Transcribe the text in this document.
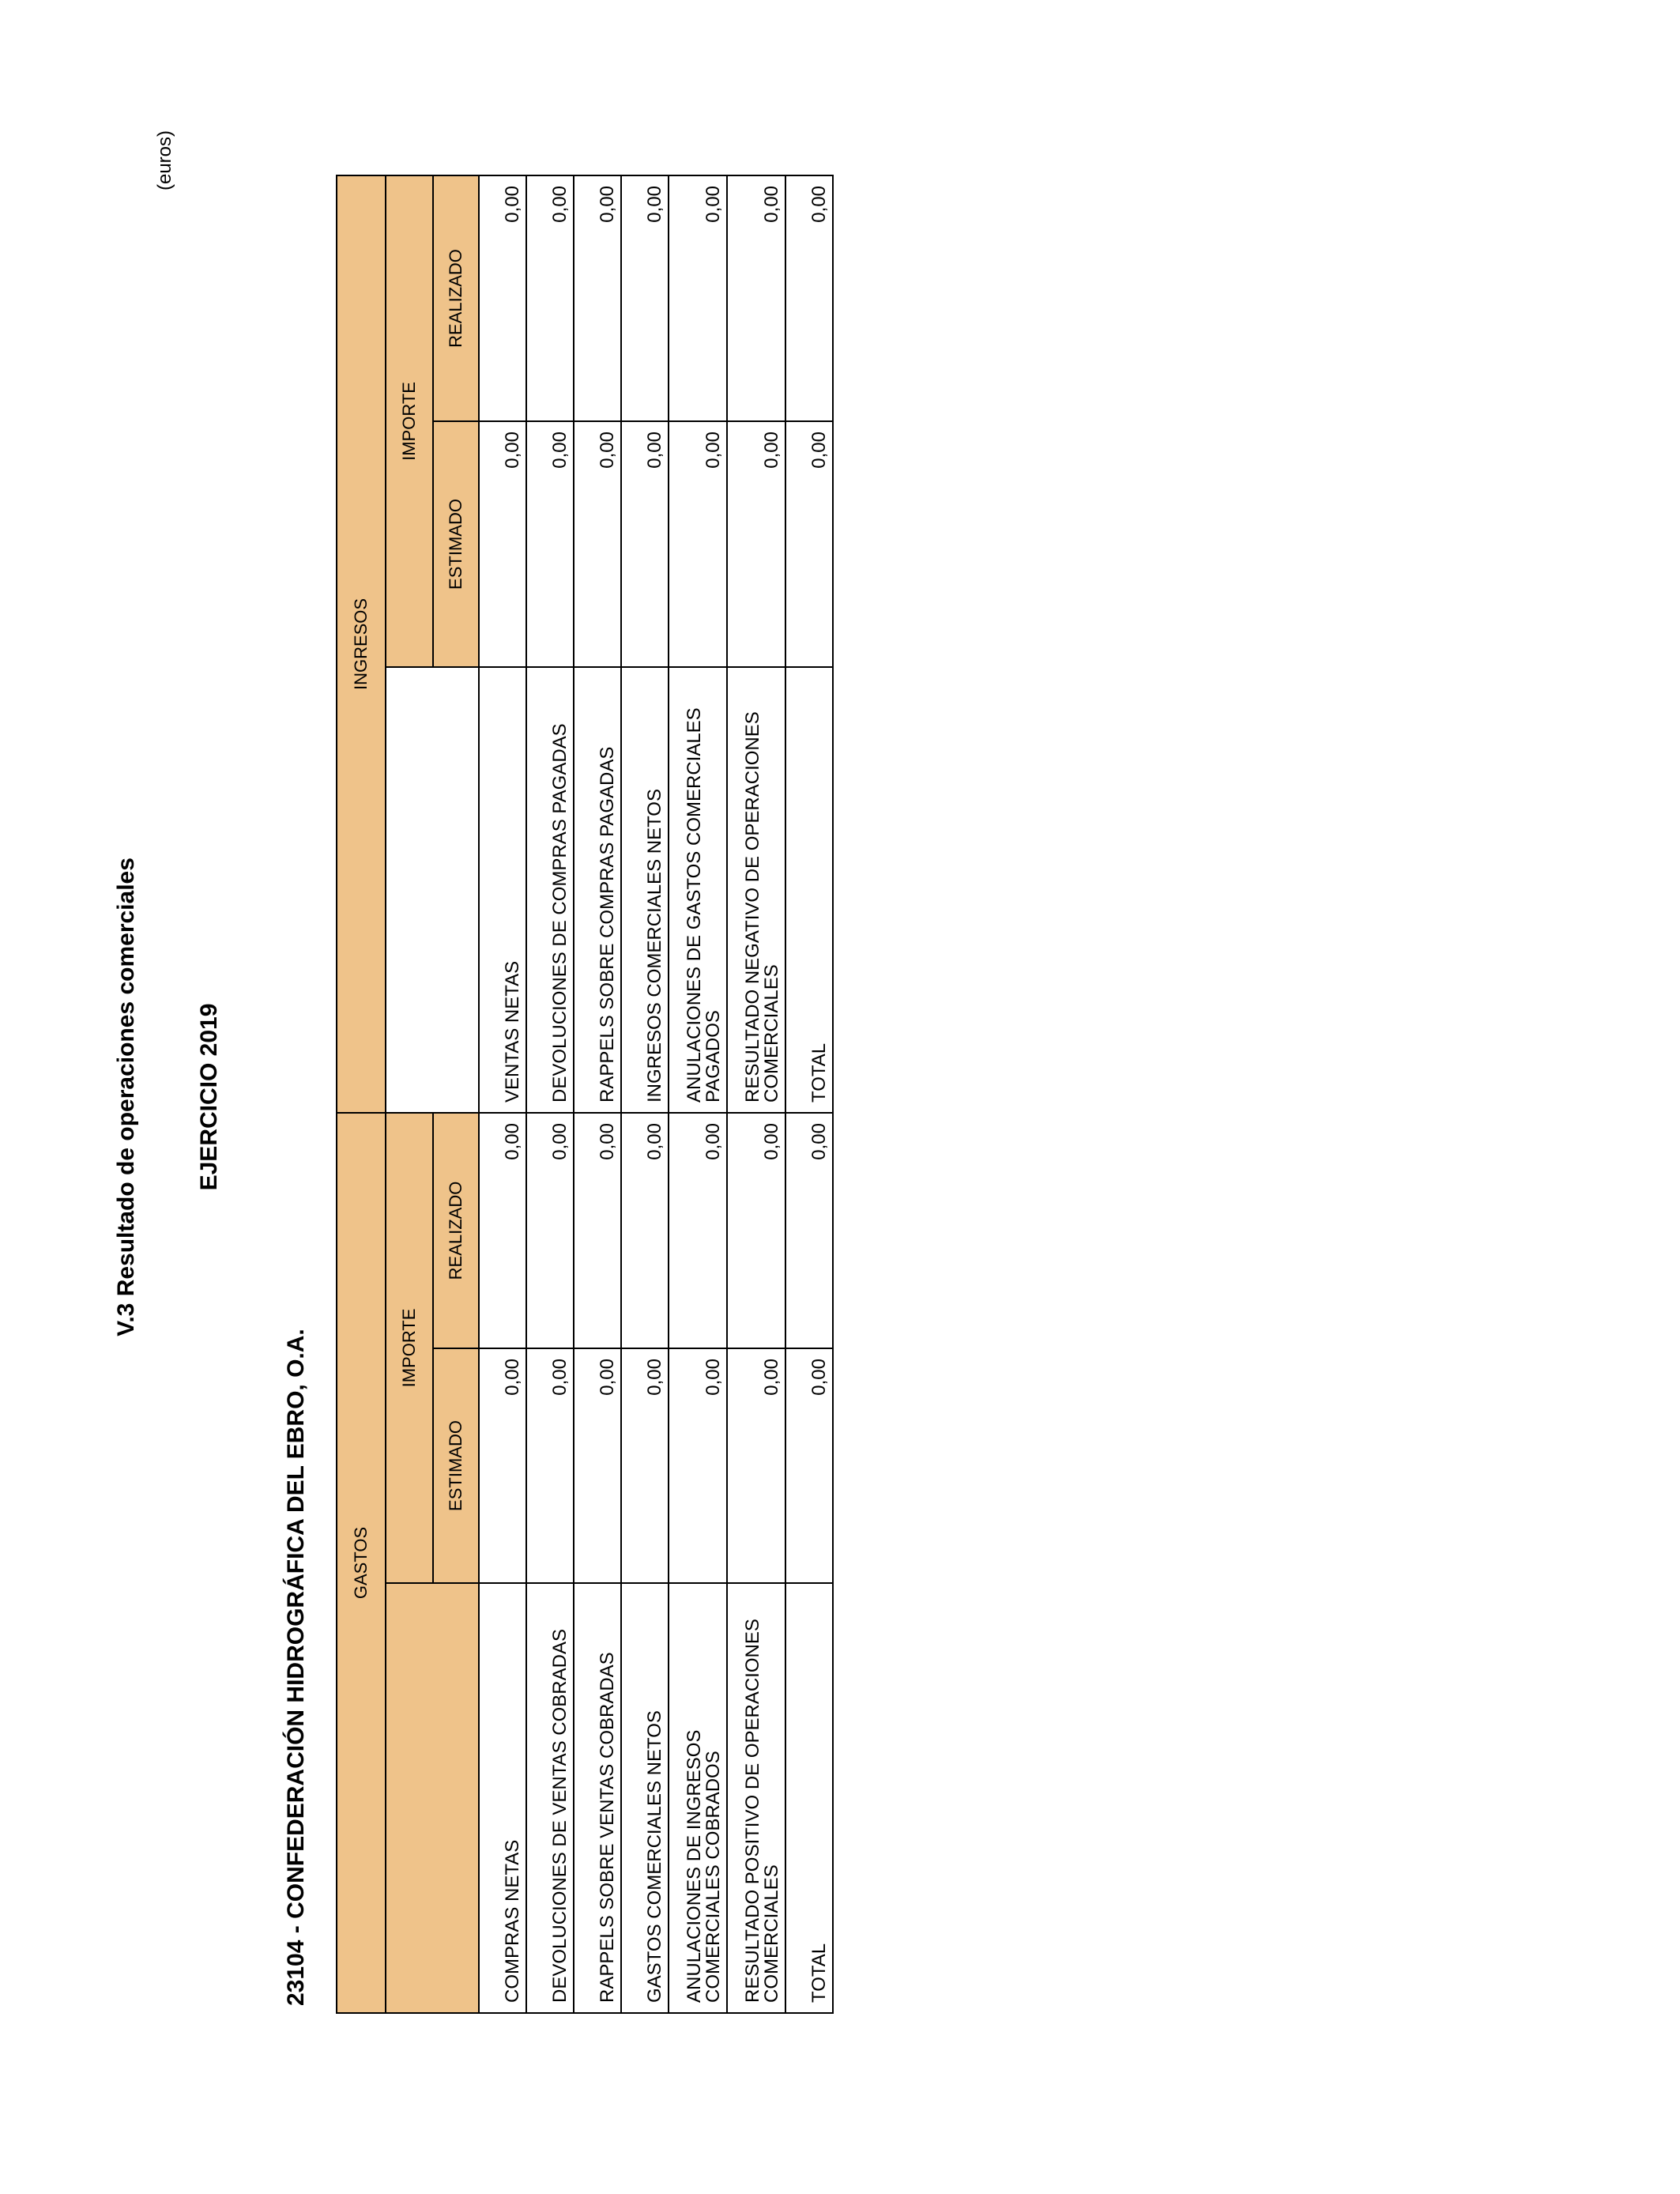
V.3 Resultado de operaciones comerciales EJERCICIO 2019
23104 - CONFEDERACIÓN HIDROGRÁFICA DEL EBRO, O.A.
(euros)
GASTOS			INGRESOS		
	IMPORTE			IMPORTE	
	ESTIMADO	REALIZADO		ESTIMADO	REALIZADO
COMPRAS NETAS	0,00	0,00	VENTAS NETAS	0,00	0,00
DEVOLUCIONES DE VENTAS COBRADAS	0,00	0,00	DEVOLUCIONES DE COMPRAS PAGADAS	0,00	0,00
RAPPELS SOBRE VENTAS COBRADAS	0,00	0,00	RAPPELS SOBRE COMPRAS PAGADAS	0,00	0,00
GASTOS COMERCIALES NETOS	0,00	0,00	INGRESOS COMERCIALES NETOS	0,00	0,00
ANULACIONES DE INGRESOS COMERCIALES COBRADOS	0,00	0,00	ANULACIONES DE GASTOS COMERCIALES PAGADOS	0,00	0,00
RESULTADO POSITIVO DE OPERACIONES COMERCIALES	0,00	0,00	RESULTADO NEGATIVO DE OPERACIONES COMERCIALES	0,00	0,00
TOTAL	0,00	0,00	TOTAL	0,00	0,00
